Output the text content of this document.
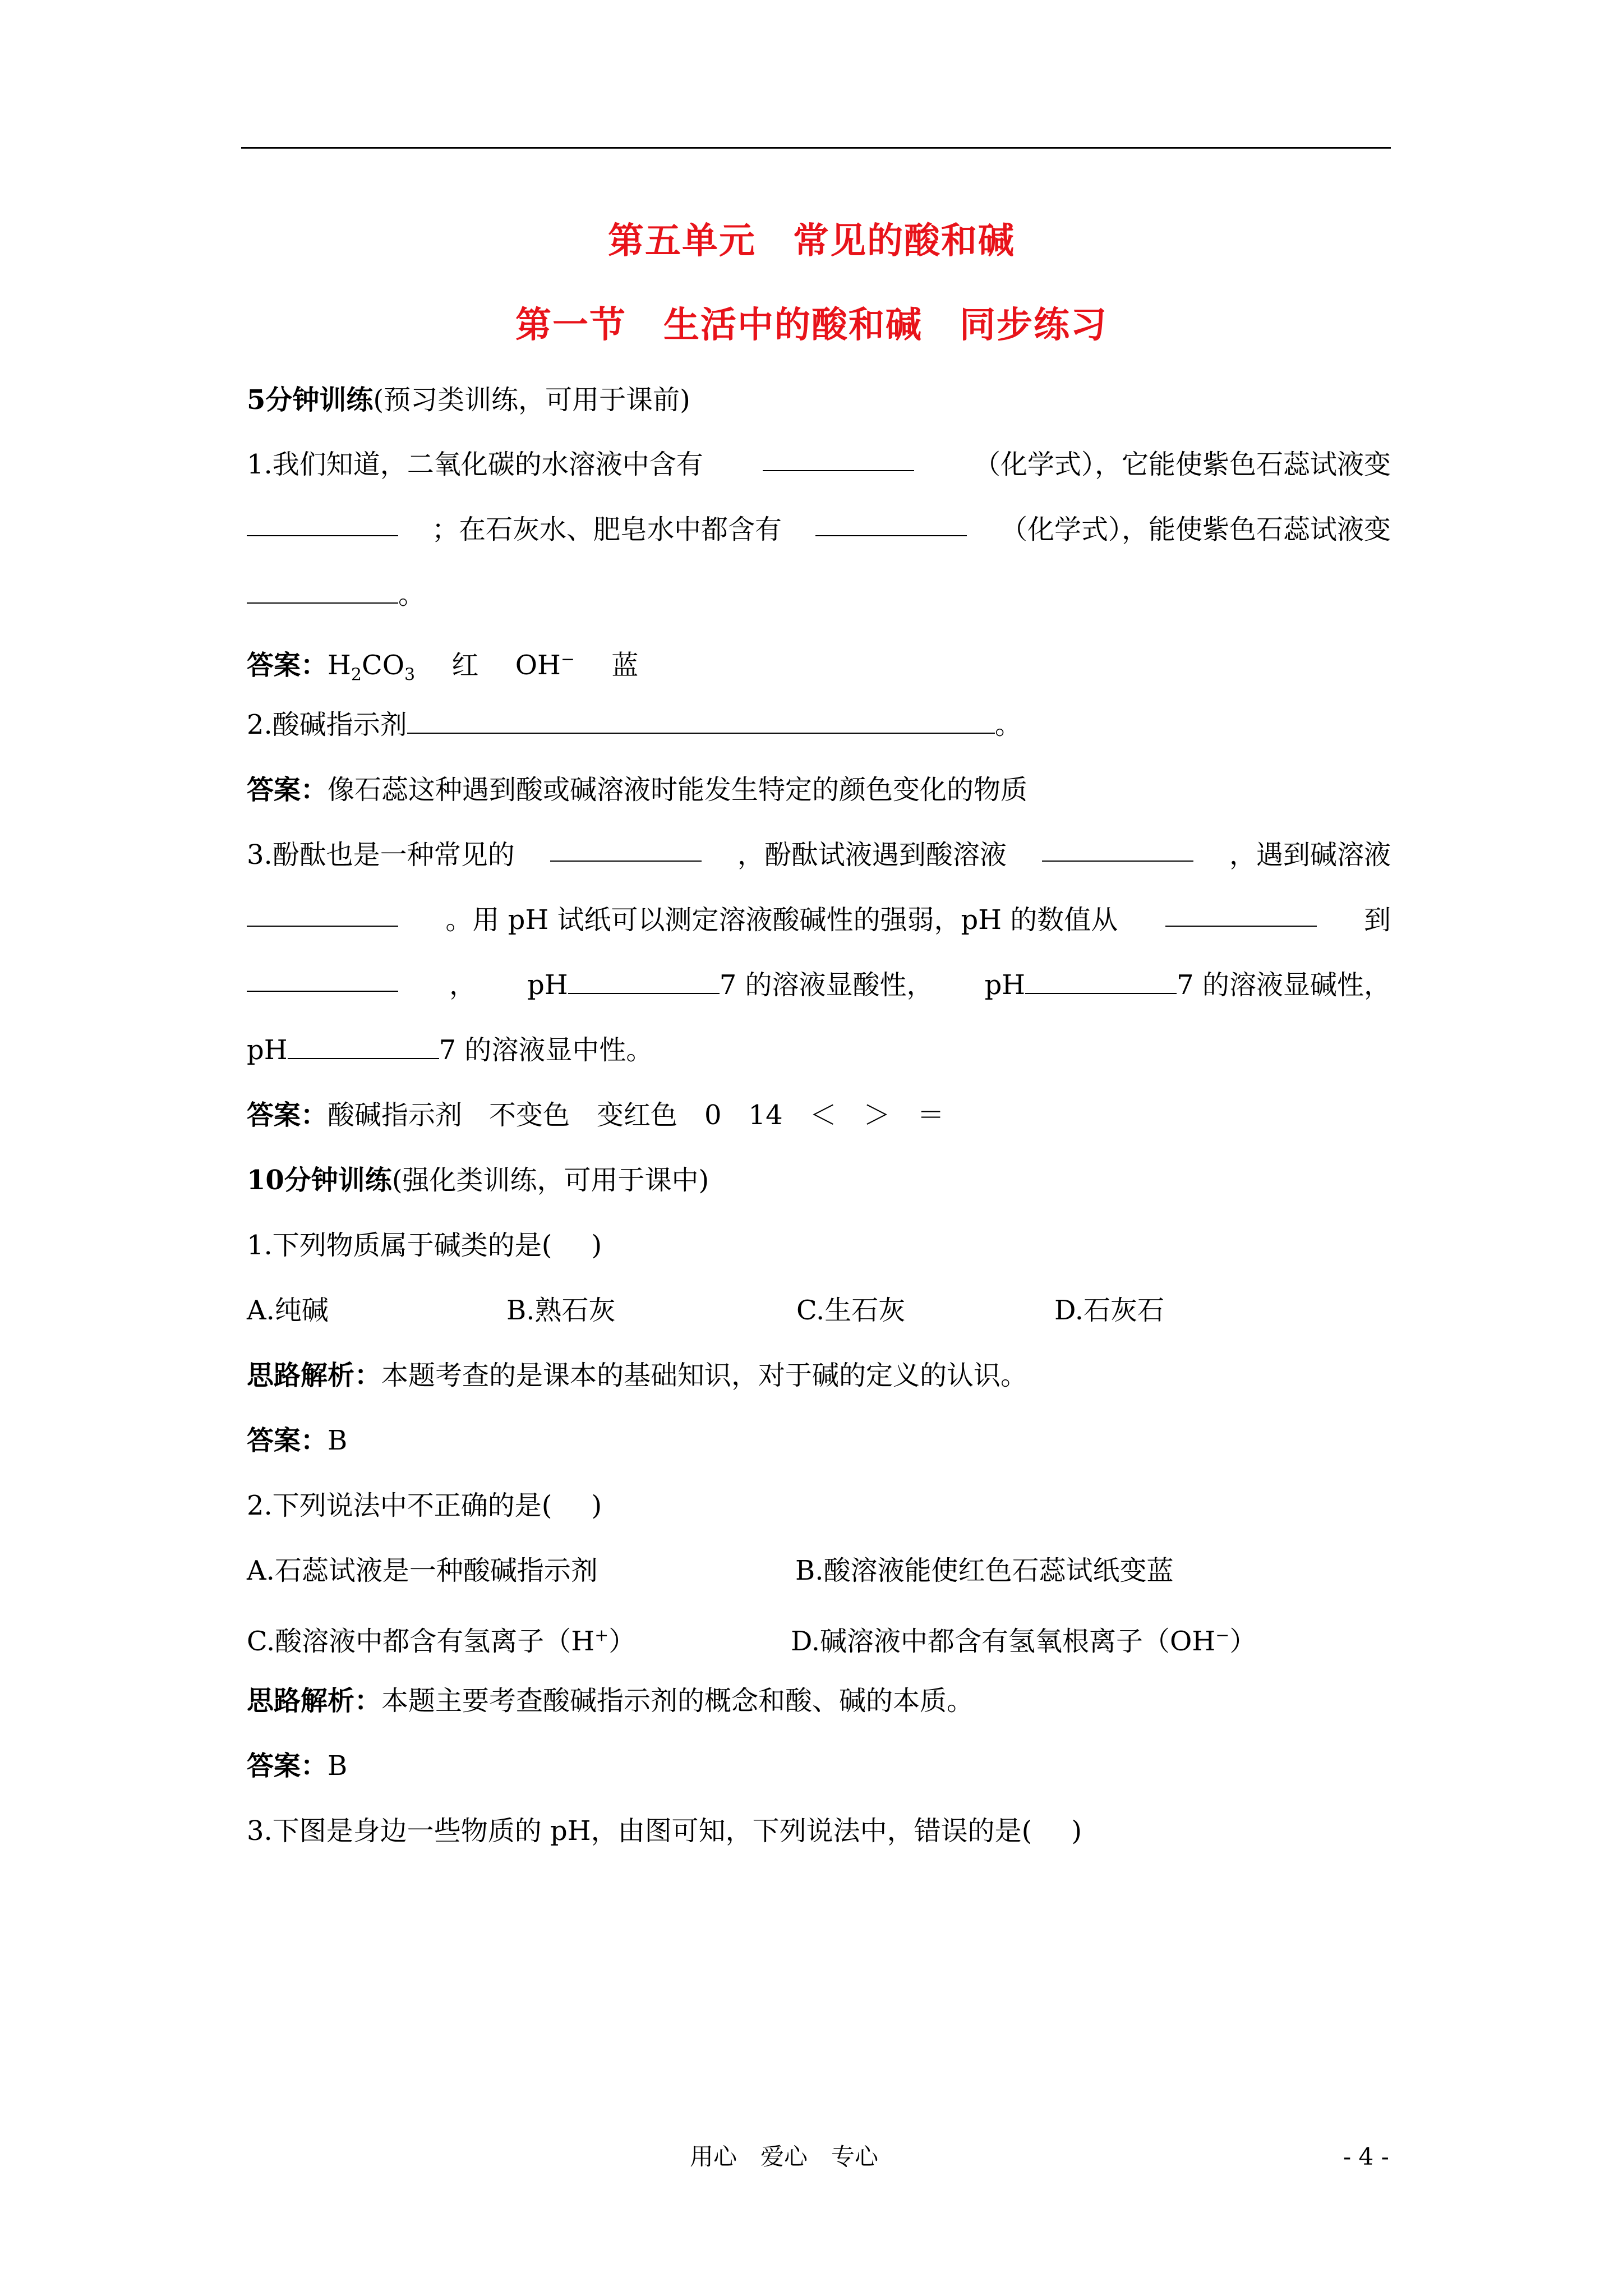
第五单元　常见的酸和碱
第一节　生活中的酸和碱　同步练习
5分钟训练(预习类训练，可用于课前)
1.我们知道，二氧化碳的水溶液中含有	（化学式），它能使紫色石蕊试液变
；在石灰水、肥皂水中都含有	（化学式），能使紫色石蕊试液变
。
答案：$H_2CO_3$ 红 OH− 蓝
2.酸碱指示剂	。
答案：像石蕊这种遇到酸或碱溶液时能发生特定的颜色变化的物质
3.酚酞也是一种常见的	，酚酞试液遇到酸溶液	，遇到碱溶液
。用 pH 试纸可以测定溶液酸碱性的强弱，pH 的数值从	到
， pH	7 的溶液显酸性， pH	7 的溶液显碱性，
pH	7 的溶液显中性。
答案：酸碱指示剂　不变色　变红色　0　14　＜　＞　＝
10分钟训练(强化类训练，可用于课中)
1.下列物质属于碱类的是( )
A.纯碱	B.熟石灰	C.生石灰	D.石灰石
思路解析：本题考查的是课本的基础知识，对于碱的定义的认识。
答案：B
2.下列说法中不正确的是( )
A.石蕊试液是一种酸碱指示剂	B.酸溶液能使红色石蕊试纸变蓝
C.酸溶液中都含有氢离子（H+）	D.碱溶液中都含有氢氧根离子（OH−）
思路解析：本题主要考查酸碱指示剂的概念和酸、碱的本质。
答案：B
3.下图是身边一些物质的 pH，由图可知，下列说法中，错误的是( )
用心　爱心　专心	- 4 -
